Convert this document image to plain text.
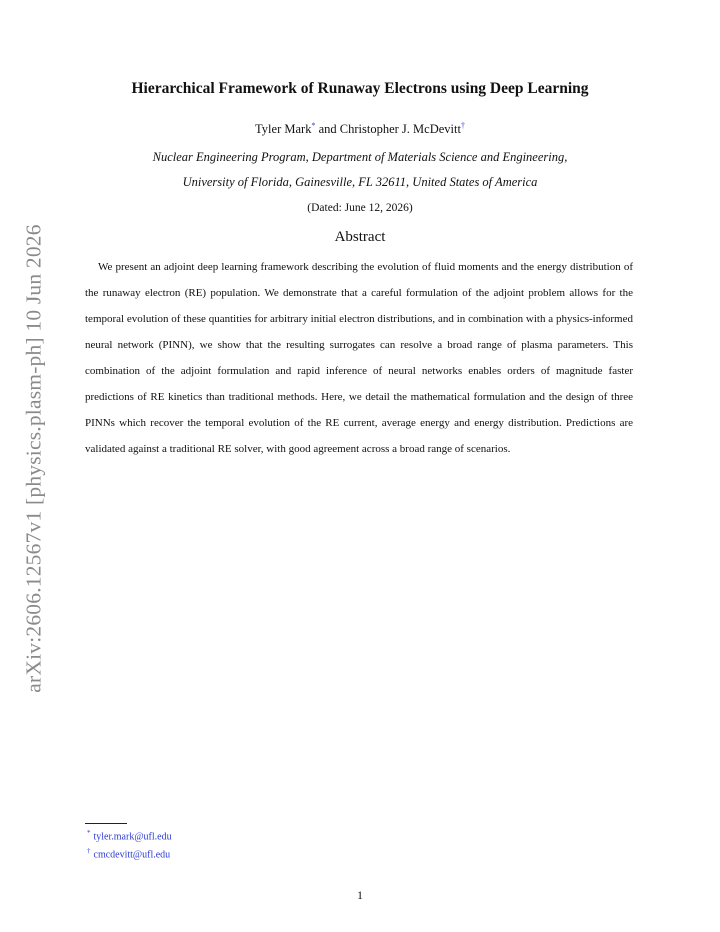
arXiv:2606.12567v1 [physics.plasm-ph] 10 Jun 2026
Hierarchical Framework of Runaway Electrons using Deep Learning
Tyler Mark* and Christopher J. McDevitt†
Nuclear Engineering Program, Department of Materials Science and Engineering,
University of Florida, Gainesville, FL 32611, United States of America
(Dated: June 12, 2026)
Abstract

We present an adjoint deep learning framework describing the evolution of fluid moments and the energy distribution of the runaway electron (RE) population. We demonstrate that a careful formulation of the adjoint problem allows for the temporal evolution of these quantities for arbitrary initial electron distributions, and in combination with a physics-informed neural network (PINN), we show that the resulting surrogates can resolve a broad range of plasma parameters. This combination of the adjoint formulation and rapid inference of neural networks enables orders of magnitude faster predictions of RE kinetics than traditional methods. Here, we detail the mathematical formulation and the design of three PINNs which recover the temporal evolution of the RE current, average energy and energy distribution. Predictions are validated against a traditional RE solver, with good agreement across a broad range of scenarios.

* tyler.mark@ufl.edu
† cmcdevitt@ufl.edu
1
